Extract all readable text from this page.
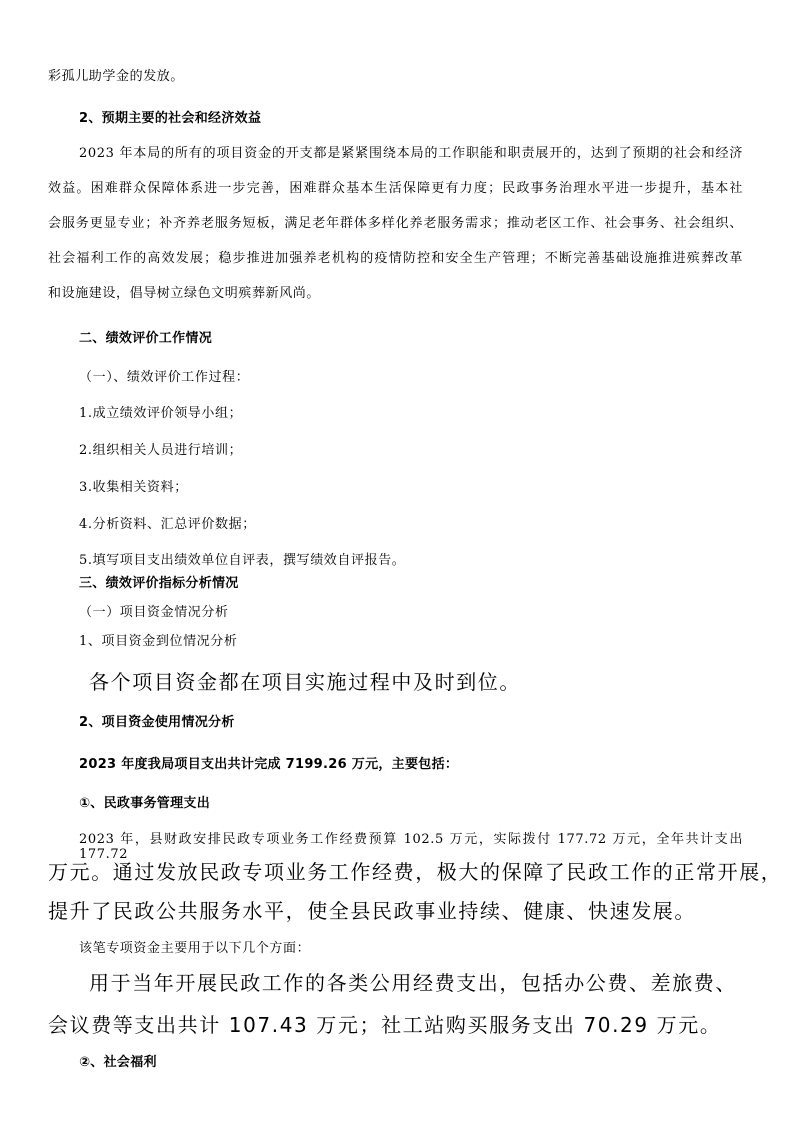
彩孤儿助学金的发放。

2、预期主要的社会和经济效益

2023 年本局的所有的项目资金的开支都是紧紧围绕本局的工作职能和职责展开的，达到了预期的社会和经济

效益。困难群众保障体系进一步完善，困难群众基本生活保障更有力度；民政事务治理水平进一步提升，基本社

会服务更显专业；补齐养老服务短板，满足老年群体多样化养老服务需求；推动老区工作、社会事务、社会组织、

社会福利工作的高效发展；稳步推进加强养老机构的疫情防控和安全生产管理；不断完善基础设施推进殡葬改革

和设施建设，倡导树立绿色文明殡葬新风尚。

二、绩效评价工作情况

（一）、绩效评价工作过程：

1.成立绩效评价领导小组；

2.组织相关人员进行培训；

3.收集相关资料；

4.分析资料、汇总评价数据；

5.填写项目支出绩效单位自评表，撰写绩效自评报告。

三、绩效评价指标分析情况

（一）项目资金情况分析

1、项目资金到位情况分析

各个项目资金都在项目实施过程中及时到位。

2、项目资金使用情况分析

2023 年度我局项目支出共计完成 7199.26 万元，主要包括：

①、民政事务管理支出

2023 年，县财政安排民政专项业务工作经费预算 102.5 万元，实际拨付 177.72 万元，全年共计支出 177.72

万元。通过发放民政专项业务工作经费，极大的保障了民政工作的正常开展，

提升了民政公共服务水平，使全县民政事业持续、健康、快速发展。

该笔专项资金主要用于以下几个方面：

用于当年开展民政工作的各类公用经费支出，包括办公费、差旅费、

会议费等支出共计 107.43 万元；社工站购买服务支出 70.29 万元。

②、社会福利
